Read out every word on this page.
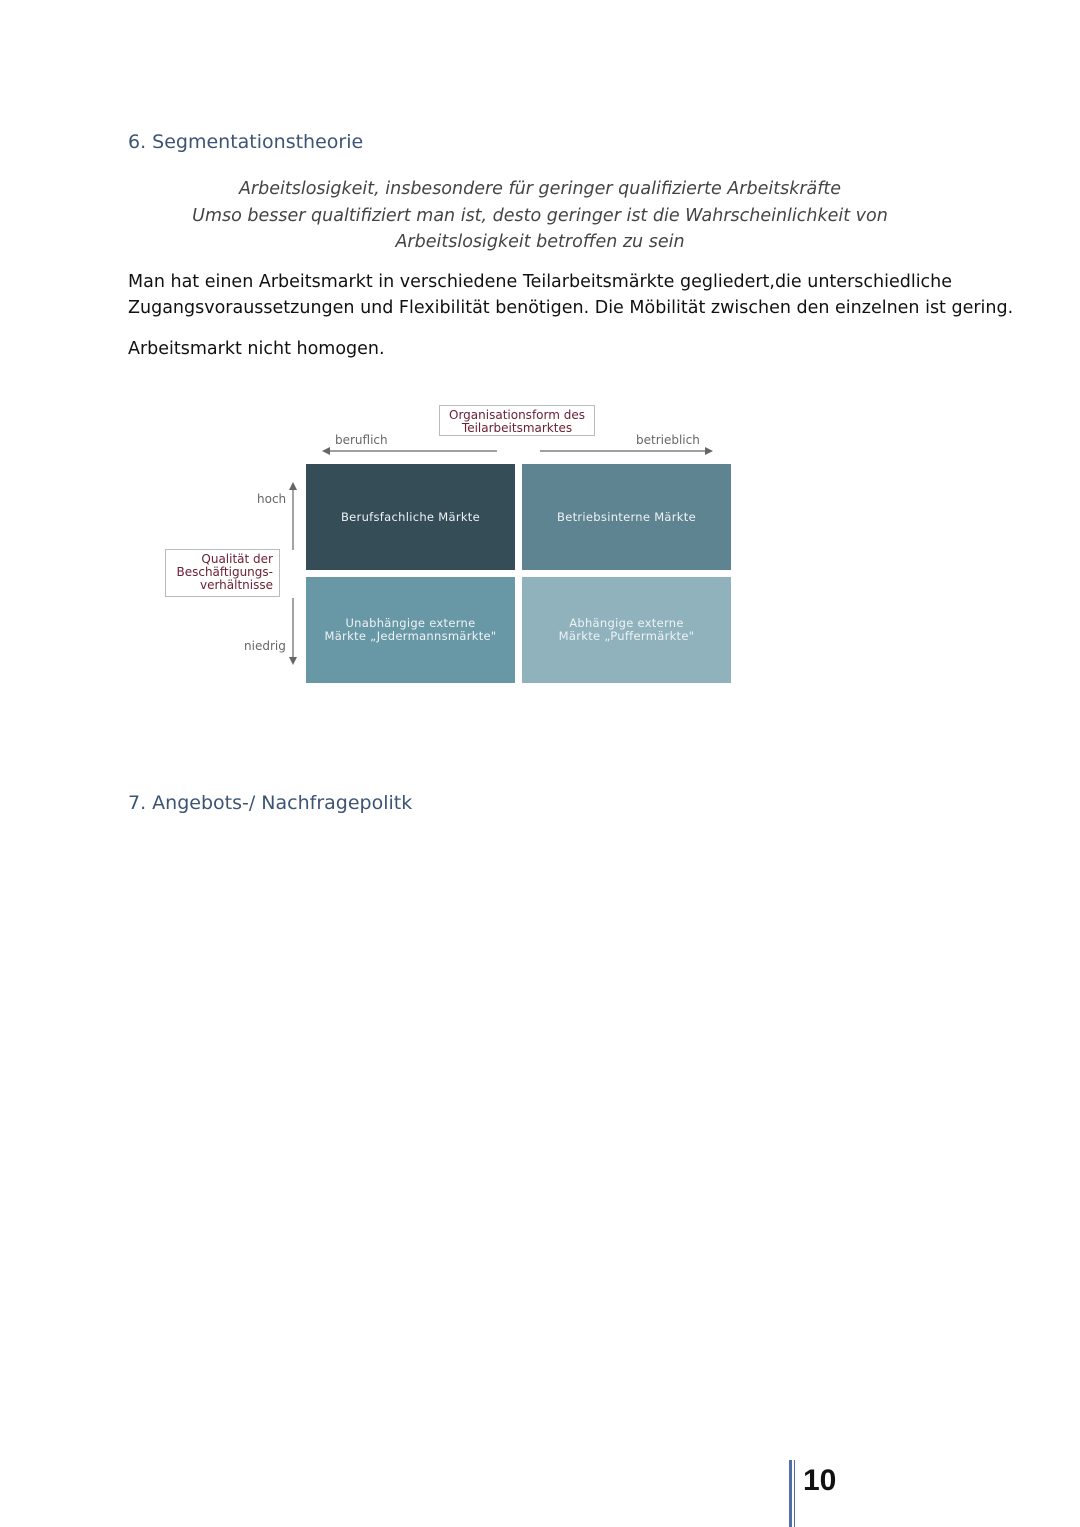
6. Segmentationstheorie
Arbeitslosigkeit, insbesondere für geringer qualifizierte Arbeitskräfte
Umso besser qualtifiziert man ist, desto geringer ist die Wahrscheinlichkeit von
Arbeitslosigkeit betroffen zu sein
Man hat einen Arbeitsmarkt in verschiedene Teilarbeitsmärkte gegliedert,die unterschiedliche
Zugangsvoraussetzungen und Flexibilität benötigen. Die Möbilität zwischen den einzelnen ist gering.
Arbeitsmarkt nicht homogen.
Organisationsform des
Teilarbeitsmarktes
beruflich	betrieblich
hoch
niedrig
Qualität der
Beschäftigungs-
verhältnisse
Berufsfachliche Märkte	Betriebsinterne Märkte
Unabhängige externe
Märkte „Jedermannsmärkte"
Abhängige externe
Märkte „Puffermärkte"
7. Angebots-/ Nachfragepolitk
10
